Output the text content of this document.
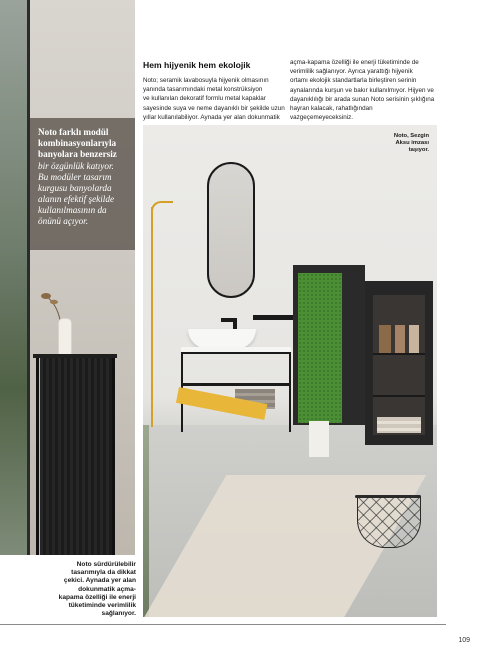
Noto farklı modül
kombinasyonlarıyla
banyolara benzersiz
bir özgünlük katıyor.
Bu modüler tasarım
kurgusu banyolarda
alanın efektif şekilde
kullanılmasının da
önünü açıyor.
Noto sürdürülebilir
tasarımıyla da dikkat
çekici. Aynada yer alan
dokunmatik açma-
kapama özelliği ile enerji
tüketiminde verimlilik
sağlanıyor.
Hem hijyenik hem ekolojik
Noto; seramik lavabosuyla hijyenik olmasının
yanında tasarımındaki metal konstrüksiyon
ve kullanılan dekoratif formlu metal kapaklar
sayesinde suya ve neme dayanıklı bir şekilde uzun
yıllar kullanılabiliyor. Aynada yer alan dokunmatik
açma-kapama özelliği ile enerji tüketiminde de
verimlilik sağlanıyor. Ayrıca yarattığı hijyenik
ortamı ekolojik standartlarla birleştiren serinin
aynalarında kurşun ve bakır kullanılmıyor. Hijyen ve
dayanıklılığı bir arada sunan Noto serisinin şıklığına
hayran kalacak, rahatlığından vazgeçemeyeceksiniz.
Noto, Sezgin
Aksu imzası
taşıyor.
109
